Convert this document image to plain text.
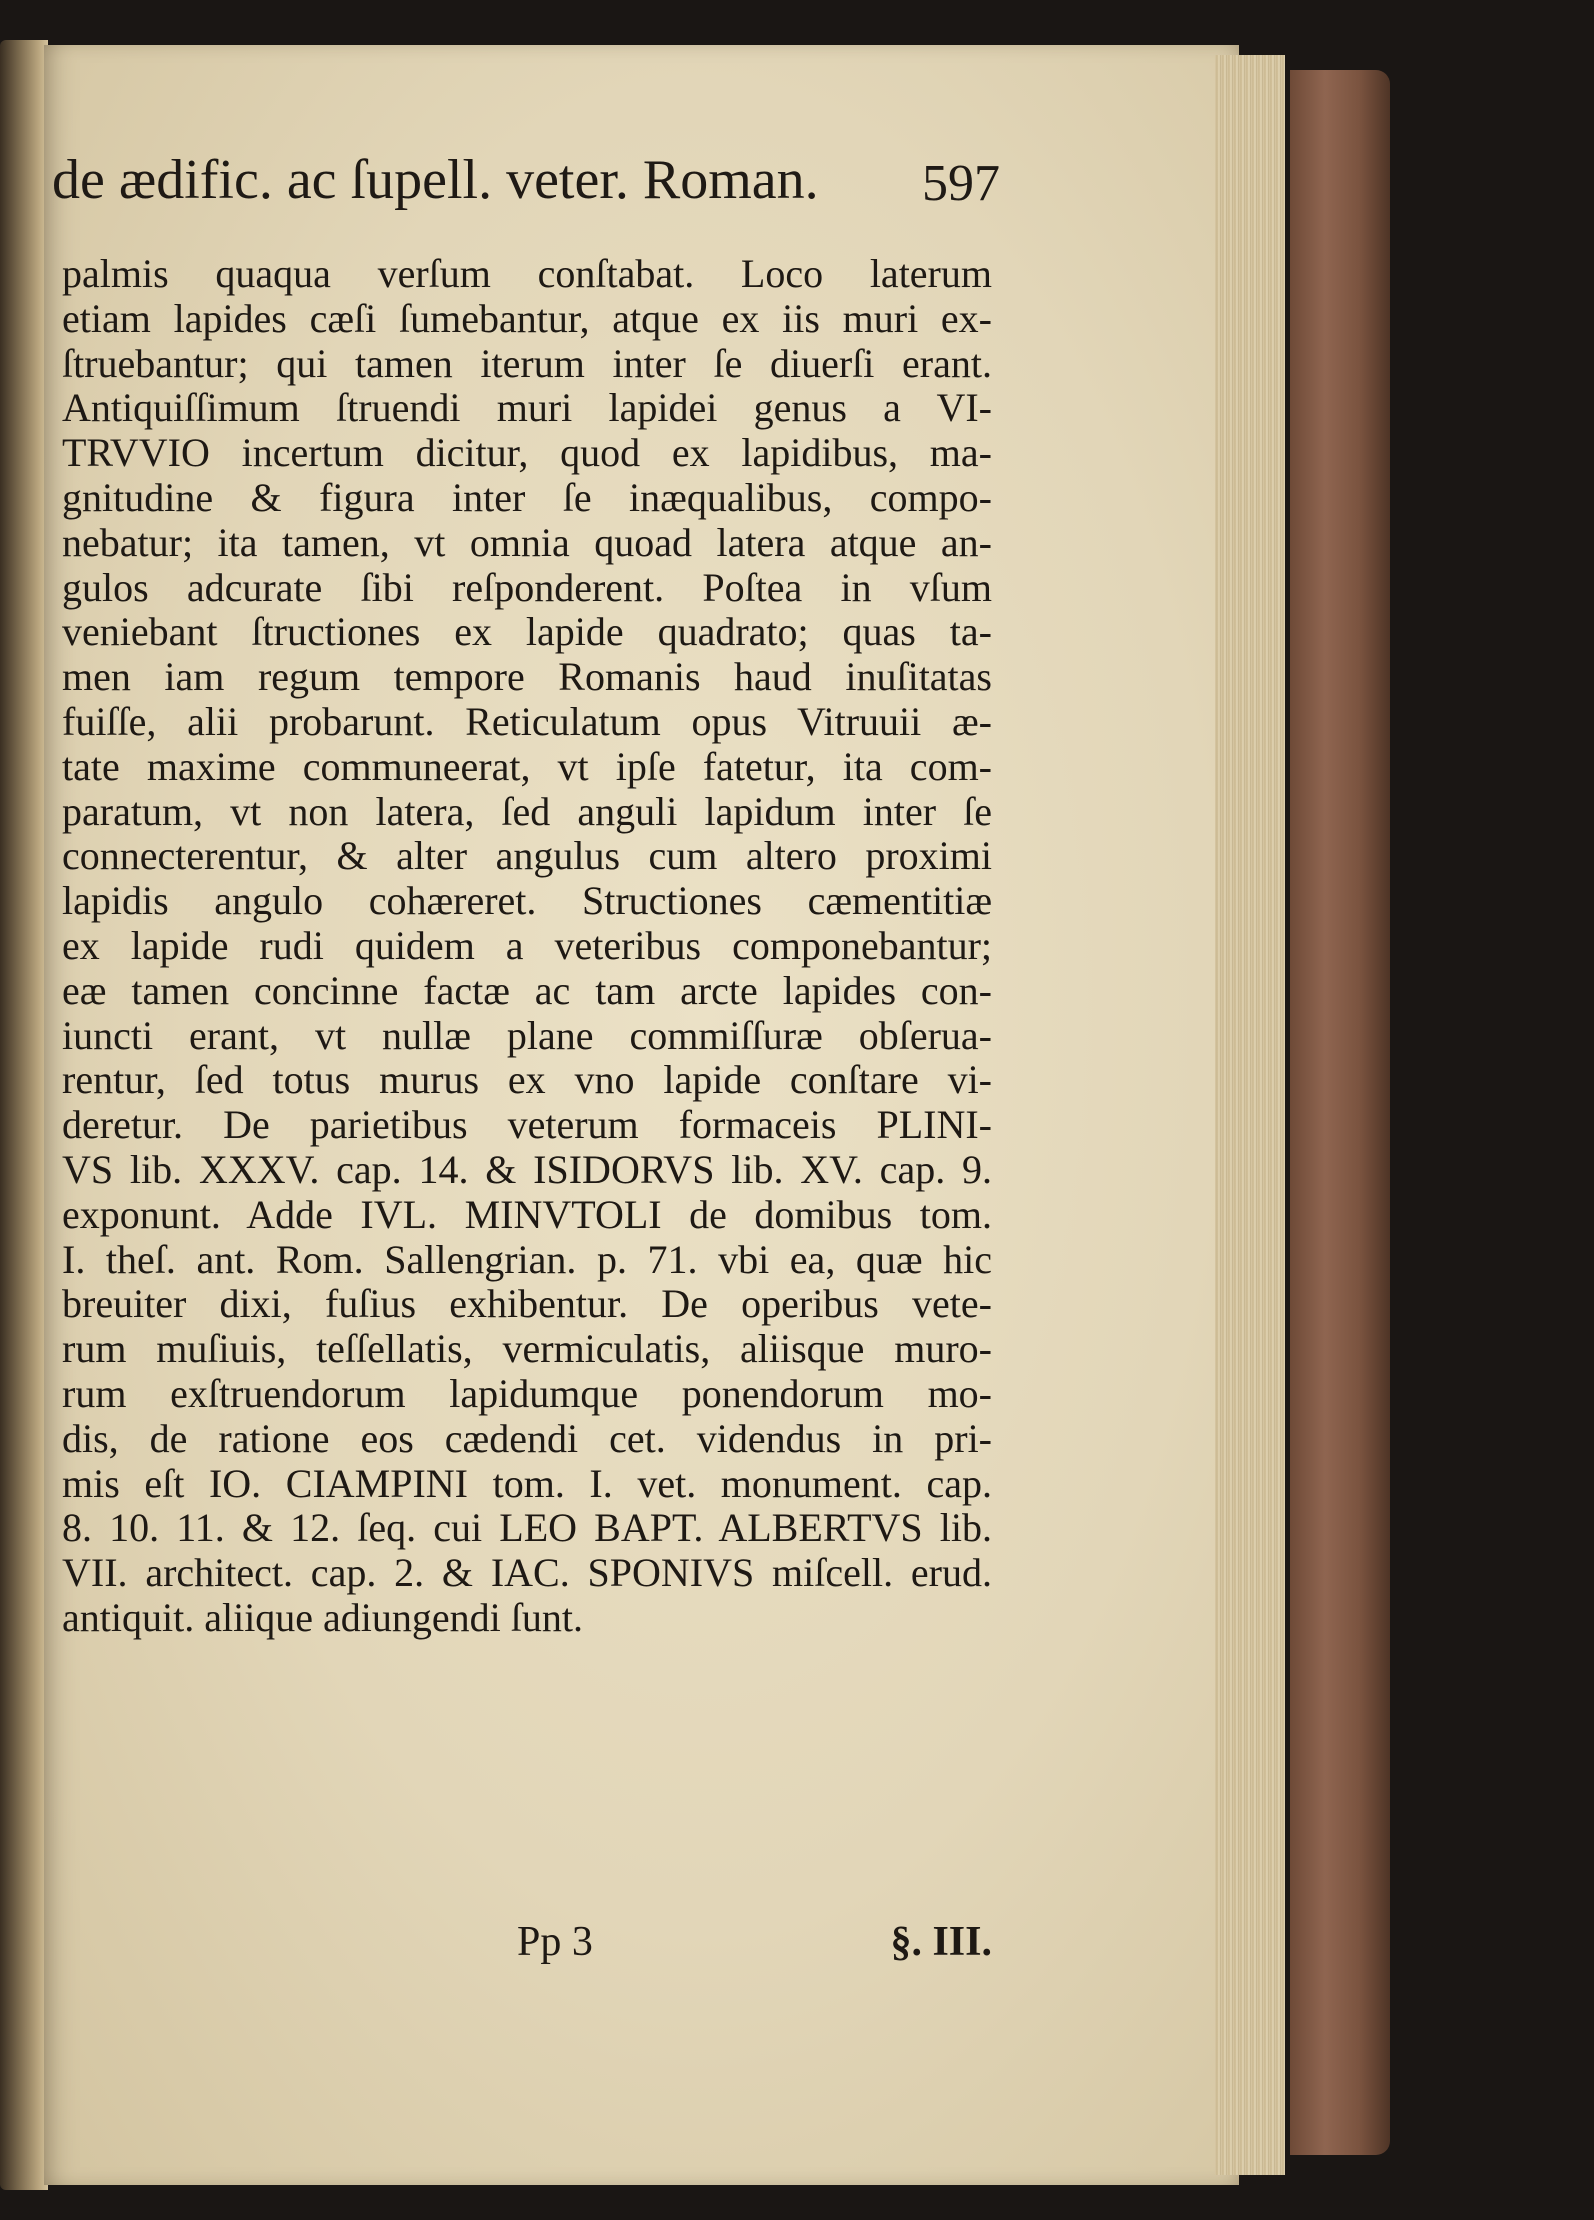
de ædific. ac ſupell. veter. Roman. 597
palmis quaqua verſum conſtabat. Loco laterum
etiam lapides cæſi ſumebantur, atque ex iis muri ex-
ſtruebantur; qui tamen iterum inter ſe diuerſi erant.
Antiquiſſimum ſtruendi muri lapidei genus a VI-
TRVVIO incertum dicitur, quod ex lapidibus, ma-
gnitudine & figura inter ſe inæqualibus, compo-
nebatur; ita tamen, vt omnia quoad latera atque an-
gulos adcurate ſibi reſponderent. Poſtea in vſum
veniebant ſtructiones ex lapide quadrato; quas ta-
men iam regum tempore Romanis haud inuſitatas
fuiſſe, alii probarunt. Reticulatum opus Vitruuii æ-
tate maxime communeerat, vt ipſe fatetur, ita com-
paratum, vt non latera, ſed anguli lapidum inter ſe
connecterentur, & alter angulus cum altero proximi
lapidis angulo cohæreret. Structiones cæmentitiæ
ex lapide rudi quidem a veteribus componebantur;
eæ tamen concinne factæ ac tam arcte lapides con-
iuncti erant, vt nullæ plane commiſſuræ obſerua-
rentur, ſed totus murus ex vno lapide conſtare vi-
deretur. De parietibus veterum formaceis PLINI-
VS lib. XXXV. cap. 14. & ISIDORVS lib. XV. cap. 9.
exponunt. Adde IVL. MINVTOLI de domibus tom.
I. theſ. ant. Rom. Sallengrian. p. 71. vbi ea, quæ hic
breuiter dixi, fuſius exhibentur. De operibus vete-
rum muſiuis, teſſellatis, vermiculatis, aliisque muro-
rum exſtruendorum lapidumque ponendorum mo-
dis, de ratione eos cædendi cet. videndus in pri-
mis eſt IO. CIAMPINI tom. I. vet. monument. cap.
8. 10. 11. & 12. ſeq. cui LEO BAPT. ALBERTVS lib.
VII. architect. cap. 2. & IAC. SPONIVS miſcell. erud.
antiquit. aliique adiungendi ſunt.
Pp 3	§. III.
